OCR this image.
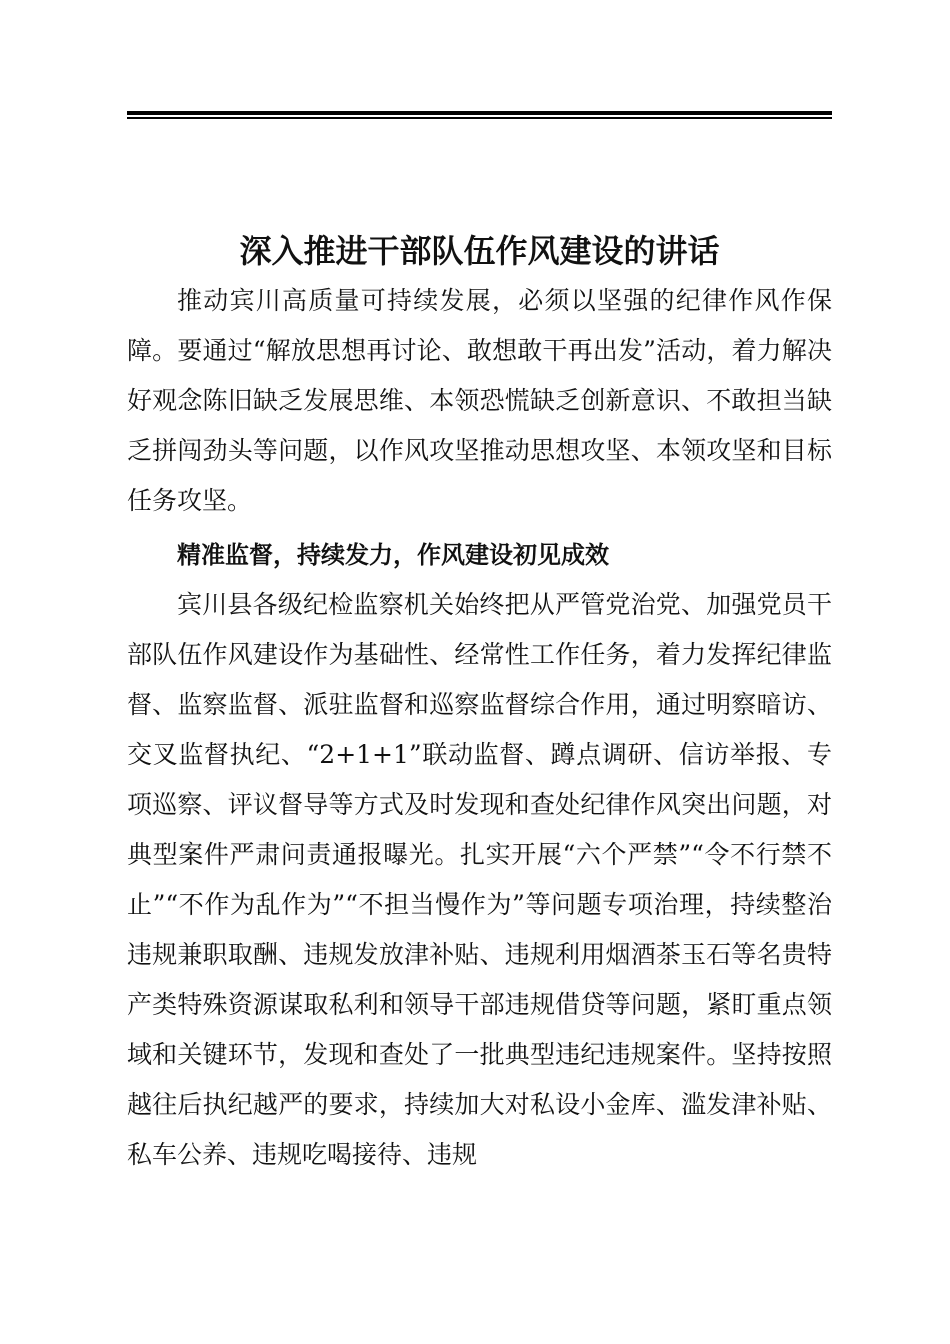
深入推进干部队伍作风建设的讲话

推动宾川高质量可持续发展，必须以坚强的纪律作风作保障。要通过“解放思想再讨论、敢想敢干再出发”活动，着力解决好观念陈旧缺乏发展思维、本领恐慌缺乏创新意识、不敢担当缺乏拼闯劲头等问题，以作风攻坚推动思想攻坚、本领攻坚和目标任务攻坚。

精准监督，持续发力，作风建设初见成效

宾川县各级纪检监察机关始终把从严管党治党、加强党员干部队伍作风建设作为基础性、经常性工作任务，着力发挥纪律监督、监察监督、派驻监督和巡察监督综合作用，通过明察暗访、交叉监督执纪、“2+1+1”联动监督、蹲点调研、信访举报、专项巡察、评议督导等方式及时发现和查处纪律作风突出问题，对典型案件严肃问责通报曝光。扎实开展“六个严禁”“令不行禁不止”“不作为乱作为”“不担当慢作为”等问题专项治理，持续整治违规兼职取酬、违规发放津补贴、违规利用烟酒茶玉石等名贵特产类特殊资源谋取私利和领导干部违规借贷等问题，紧盯重点领域和关键环节，发现和查处了一批典型违纪违规案件。坚持按照越往后执纪越严的要求，持续加大对私设小金库、滥发津补贴、私车公养、违规吃喝接待、违规
